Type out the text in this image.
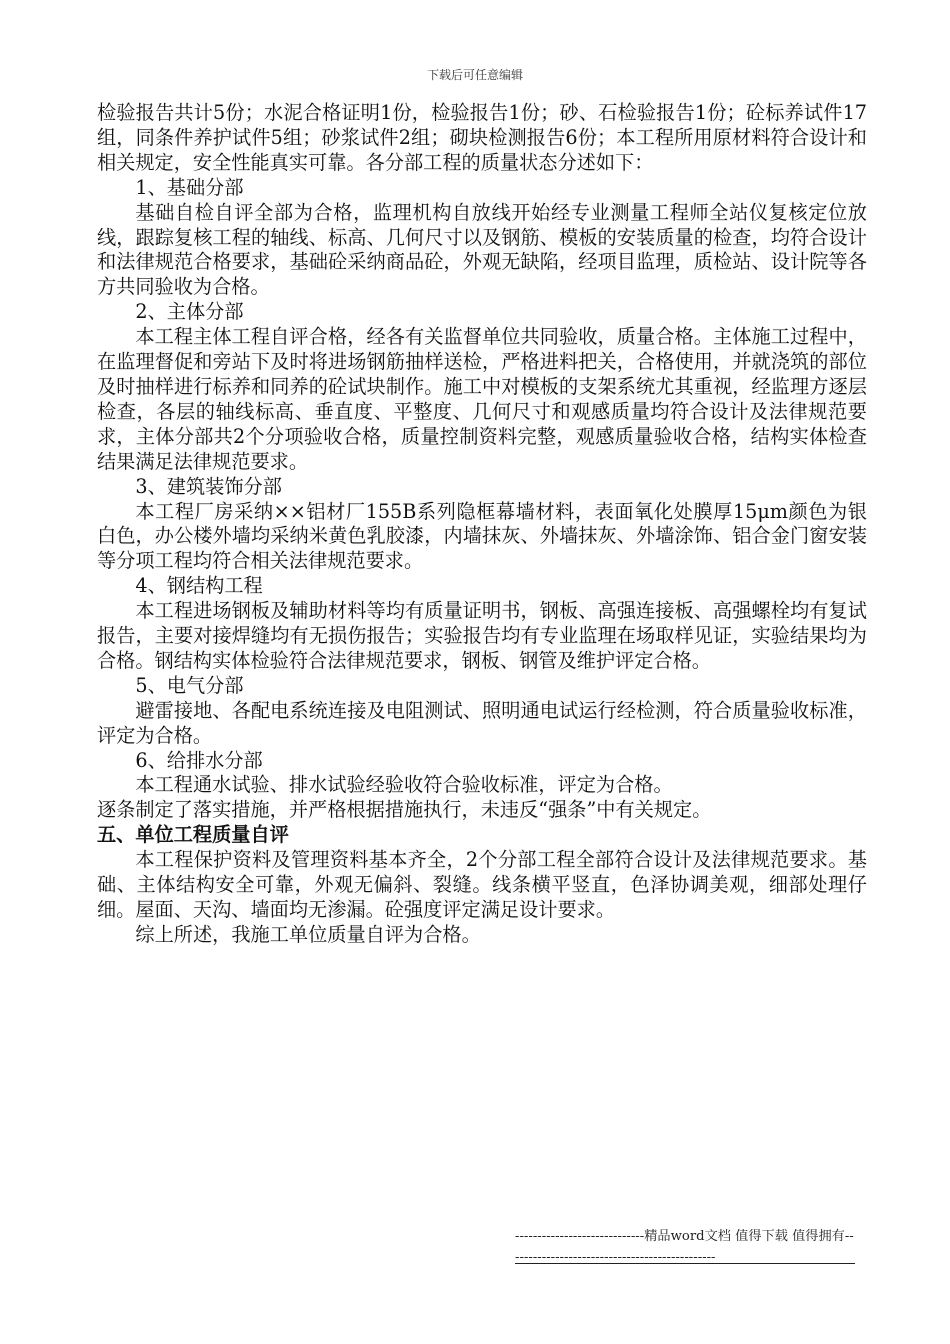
下载后可任意编辑

检验报告共计5份；水泥合格证明1份，检验报告1份；砂、石检验报告1份；砼标养试件17组，同条件养护试件5组；砂浆试件2组；砌块检测报告6份；本工程所用原材料符合设计和相关规定，安全性能真实可靠。各分部工程的质量状态分述如下：

1、基础分部

基础自检自评全部为合格，监理机构自放线开始经专业测量工程师全站仪复核定位放线，跟踪复核工程的轴线、标高、几何尺寸以及钢筋、模板的安装质量的检查，均符合设计和法律规范合格要求，基础砼采纳商品砼，外观无缺陷，经项目监理，质检站、设计院等各方共同验收为合格。

2、主体分部

本工程主体工程自评合格，经各有关监督单位共同验收，质量合格。主体施工过程中，在监理督促和旁站下及时将进场钢筋抽样送检，严格进料把关，合格使用，并就浇筑的部位及时抽样进行标养和同养的砼试块制作。施工中对模板的支架系统尤其重视，经监理方逐层检查，各层的轴线标高、垂直度、平整度、几何尺寸和观感质量均符合设计及法律规范要求，主体分部共2个分项验收合格，质量控制资料完整，观感质量验收合格，结构实体检查结果满足法律规范要求。

3、建筑装饰分部

本工程厂房采纳××铝材厂155B系列隐框幕墙材料，表面氧化处膜厚15μm颜色为银白色，办公楼外墙均采纳米黄色乳胶漆，内墙抹灰、外墙抹灰、外墙涂饰、铝合金门窗安装等分项工程均符合相关法律规范要求。

4、钢结构工程

本工程进场钢板及辅助材料等均有质量证明书，钢板、高强连接板、高强螺栓均有复试报告，主要对接焊缝均有无损伤报告；实验报告均有专业监理在场取样见证，实验结果均为合格。钢结构实体检验符合法律规范要求，钢板、钢管及维护评定合格。

5、电气分部

避雷接地、各配电系统连接及电阻测试、照明通电试运行经检测，符合质量验收标准，评定为合格。

6、给排水分部

本工程通水试验、排水试验经验收符合验收标准，评定为合格。

逐条制定了落实措施，并严格根据措施执行，未违反“强条”中有关规定。

五、单位工程质量自评

本工程保护资料及管理资料基本齐全，2个分部工程全部符合设计及法律规范要求。基础、主体结构安全可靠，外观无偏斜、裂缝。线条横平竖直，色泽协调美观，细部处理仔细。屋面、天沟、墙面均无渗漏。砼强度评定满足设计要求。

综上所述，我施工单位质量自评为合格。

-----------------------------精品word文档 值得下载 值得拥有-----------------------------------------------
